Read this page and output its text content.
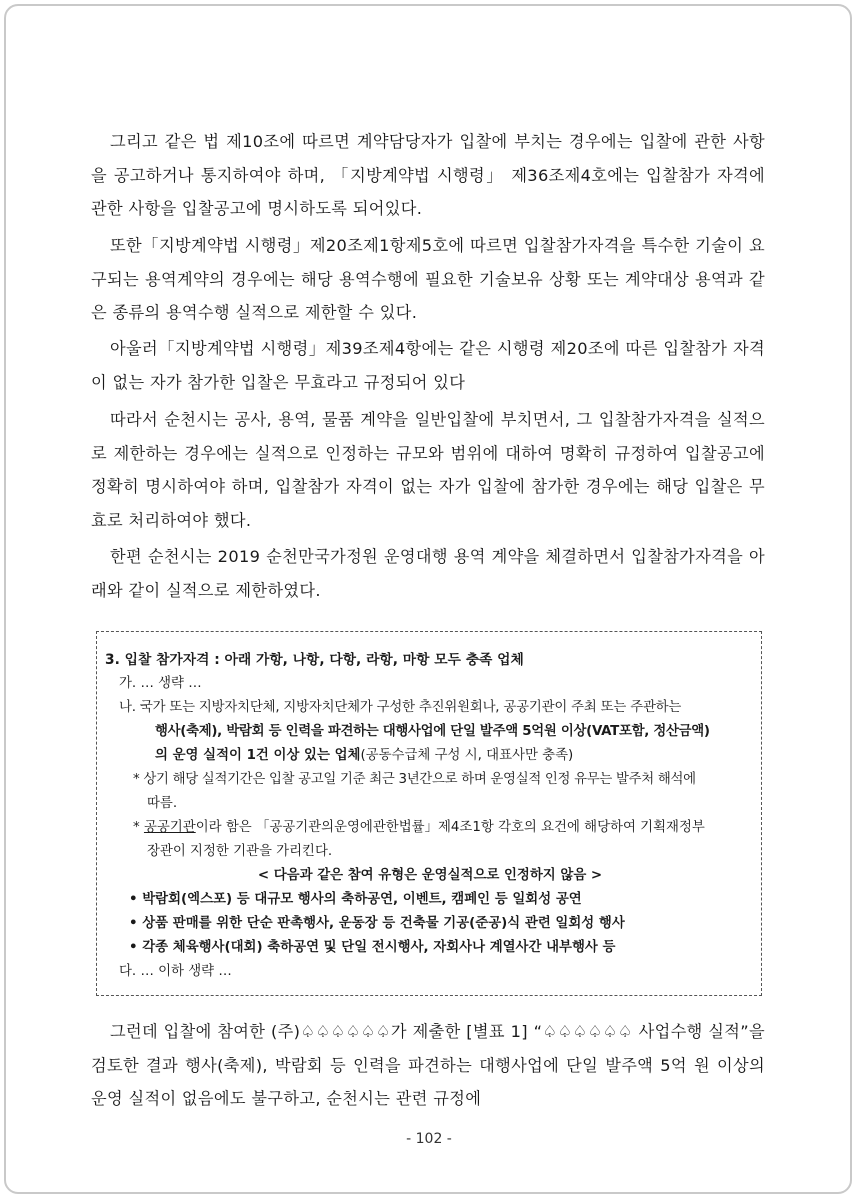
그리고 같은 법 제10조에 따르면 계약담당자가 입찰에 부치는 경우에는 입찰에 관한 사항을 공고하거나 통지하여야 하며, 「지방계약법 시행령」 제36조제4호에는 입찰참가 자격에 관한 사항을 입찰공고에 명시하도록 되어있다.

또한「지방계약법 시행령」제20조제1항제5호에 따르면 입찰참가자격을 특수한 기술이 요구되는 용역계약의 경우에는 해당 용역수행에 필요한 기술보유 상황 또는 계약대상 용역과 같은 종류의 용역수행 실적으로 제한할 수 있다.

아울러「지방계약법 시행령」제39조제4항에는 같은 시행령 제20조에 따른 입찰참가 자격이 없는 자가 참가한 입찰은 무효라고 규정되어 있다

따라서 순천시는 공사, 용역, 물품 계약을 일반입찰에 부치면서, 그 입찰참가자격을 실적으로 제한하는 경우에는 실적으로 인정하는 규모와 범위에 대하여 명확히 규정하여 입찰공고에 정확히 명시하여야 하며, 입찰참가 자격이 없는 자가 입찰에 참가한 경우에는 해당 입찰은 무효로 처리하여야 했다.

한편 순천시는 2019 순천만국가정원 운영대행 용역 계약을 체결하면서 입찰참가자격을 아래와 같이 실적으로 제한하였다.

3. 입찰 참가자격 : 아래 가항, 나항, 다항, 라항, 마항 모두 충족 업체
가. … 생략 …
나. 국가 또는 지방자치단체, 지방자치단체가 구성한 추진위원회나, 공공기관이 주최 또는 주관하는
행사(축제), 박람회 등 인력을 파견하는 대행사업에 단일 발주액 5억원 이상(VAT포함, 정산금액)
의 운영 실적이 1건 이상 있는 업체(공동수급체 구성 시, 대표사만 충족)
* 상기 해당 실적기간은 입찰 공고일 기준 최근 3년간으로 하며 운영실적 인정 유무는 발주처 해석에
따름.
* 공공기관이라 함은 「공공기관의운영에관한법률」제4조1항 각호의 요건에 해당하여 기획재정부
장관이 지정한 기관을 가리킨다.
< 다음과 같은 참여 유형은 운영실적으로 인정하지 않음 >
• 박람회(엑스포) 등 대규모 행사의 축하공연, 이벤트, 캠페인 등 일회성 공연
• 상품 판매를 위한 단순 판촉행사, 운동장 등 건축물 기공(준공)식 관련 일회성 행사
• 각종 체육행사(대회) 축하공연 및 단일 전시행사, 자회사나 계열사간 내부행사 등
다. … 이하 생략 …

그런데 입찰에 참여한 (주)♤♤♤♤♤♤가 제출한 [별표 1] “♤♤♤♤♤♤ 사업수행 실적”을 검토한 결과 행사(축제), 박람회 등 인력을 파견하는 대행사업에 단일 발주액 5억 원 이상의 운영 실적이 없음에도 불구하고, 순천시는 관련 규정에

- 102 -
